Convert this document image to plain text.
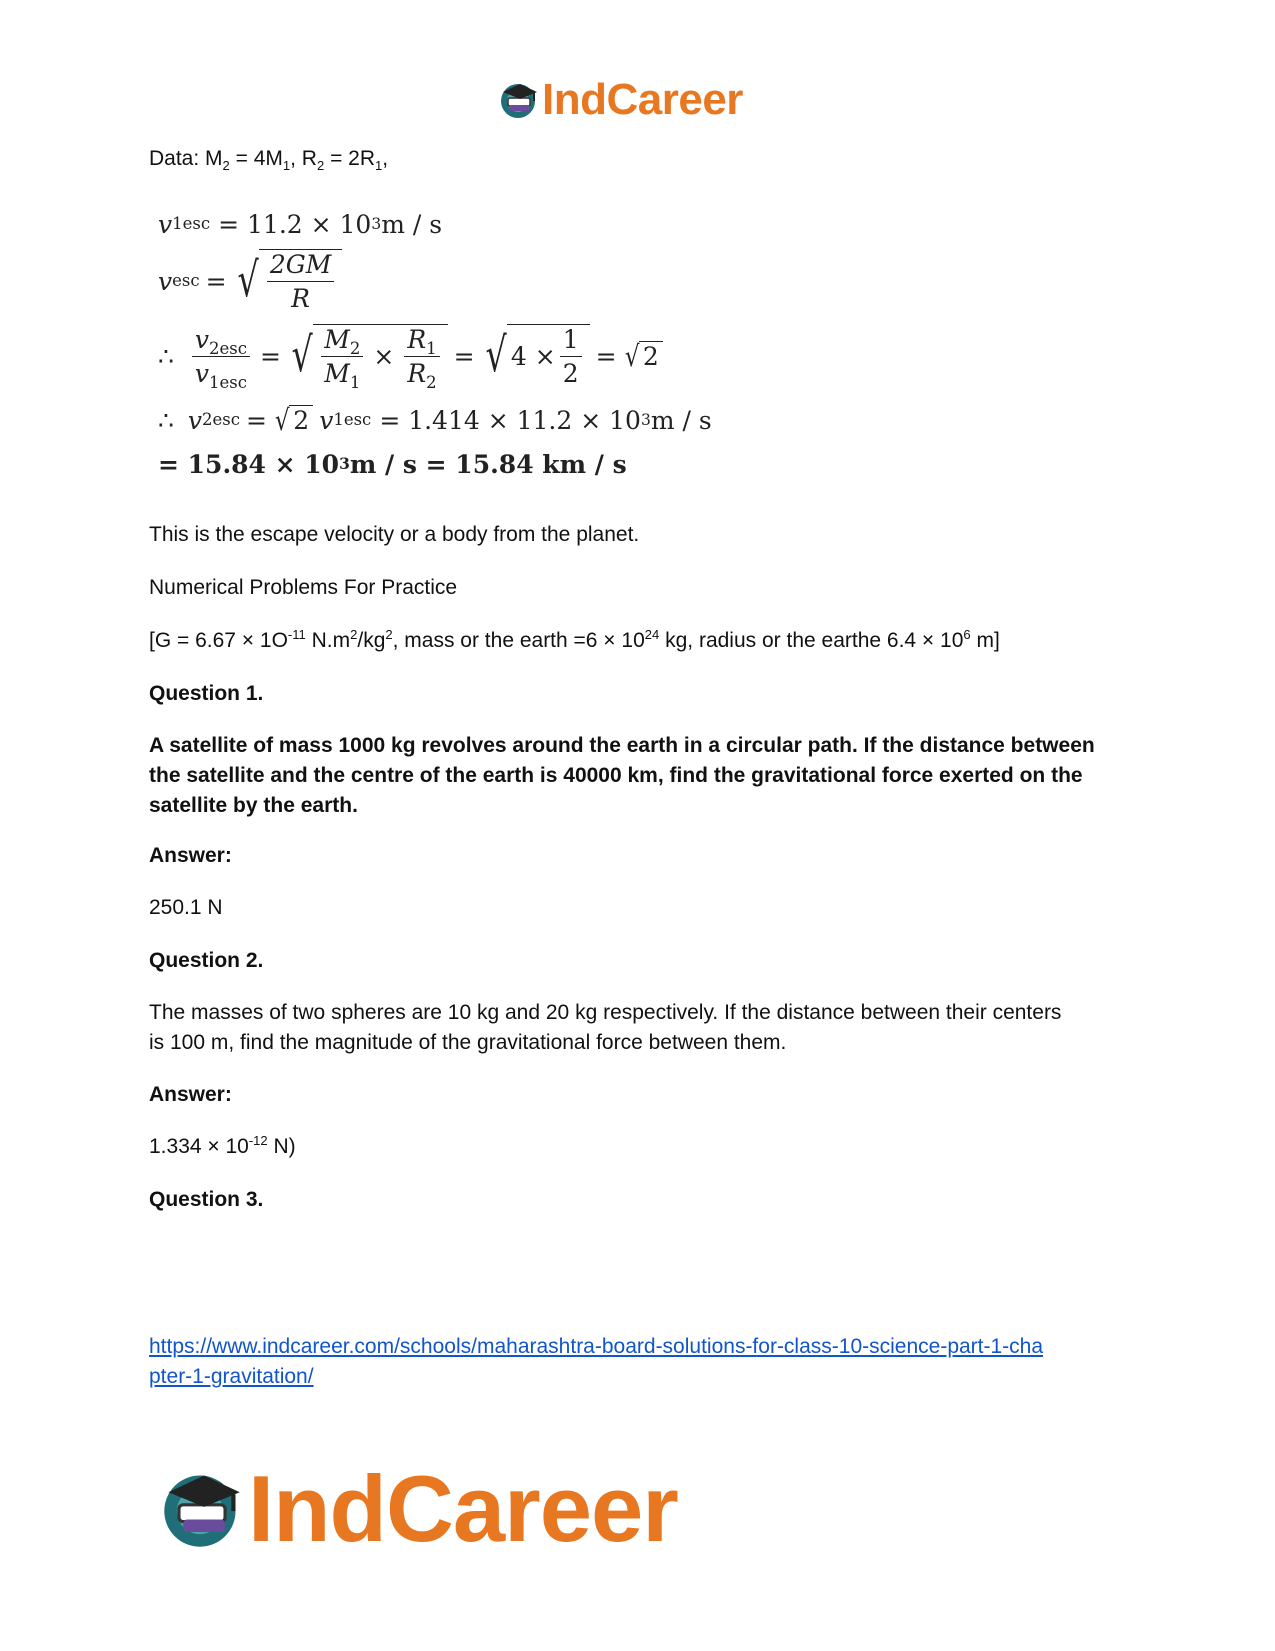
IndCareer
Data: $M_2 = 4M_1$, $R_2 = 2R_1$,
v 1esc = 11.2 × 10 3 m / s
v esc = √ $\frac{2GM}{R}$
∴ $\frac{v_{2esc}}{v_{1esc}}$ = √ $\frac{M_2}{M_1} \times \frac{R_1}{R_2}$ = √ $4 \times \frac{1}{2}$ = √ 2
∴ v 2esc = √ 2 v 1esc = 1.414 × 11.2 × 10 3 m / s
= 15.84 × 10 3 m / s = 15.84 km / s
This is the escape velocity or a body from the planet.
Numerical Problems For Practice
[$G = 6.67 \times 1O^{-11}$ $N.m^2/kg^2$, mass or the earth $=6 \times 10^{24}$ kg, radius or the earthe $6.4 \times 10^6$ m]
Question 1.
A satellite of mass 1000 kg revolves around the earth in a circular path. If the distance between the satellite and the centre of the earth is 40000 km, find the gravitational force exerted on the satellite by the earth.
Answer:
250.1 N
Question 2.
The masses of two spheres are 10 kg and 20 kg respectively. If the distance between their centers is 100 m, find the magnitude of the gravitational force between them.
Answer:
$1.334 \times 10^{-12}$ N)
Question 3.
https://www.indcareer.com/schools/maharashtra-board-solutions-for-class-10-science-part-1-cha
pter-1-gravitation/
IndCareer
